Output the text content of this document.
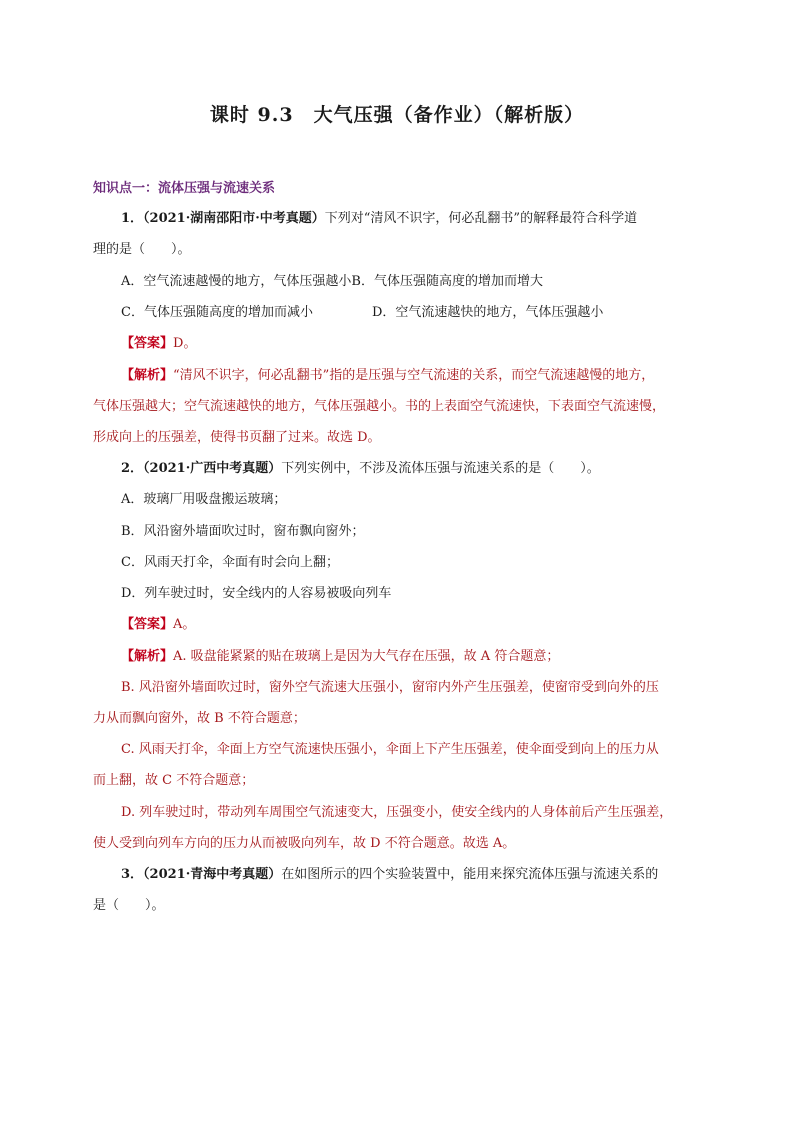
课时 9.3　大气压强（备作业）（解析版）
知识点一：流体压强与流速关系
1．（2021·湖南邵阳市·中考真题）下列对“清风不识字，何必乱翻书”的解释最符合科学道
理的是（　　）。
A．空气流速越慢的地方，气体压强越小B．气体压强随高度的增加而增大
C．气体压强随高度的增加而减小	D．空气流速越快的地方，气体压强越小
【答案】D。
【解析】“清风不识字，何必乱翻书”指的是压强与空气流速的关系，而空气流速越慢的地方，
气体压强越大；空气流速越快的地方，气体压强越小。书的上表面空气流速快，下表面空气流速慢，
形成向上的压强差，使得书页翻了过来。故选 D。
2．（2021·广西中考真题）下列实例中，不涉及流体压强与流速关系的是（　　）。
A．玻璃厂用吸盘搬运玻璃；
B．风沿窗外墙面吹过时，窗布飘向窗外；
C．风雨天打伞，伞面有时会向上翻；
D．列车驶过时，安全线内的人容易被吸向列车
【答案】A。
【解析】A. 吸盘能紧紧的贴在玻璃上是因为大气存在压强，故 A 符合题意；
B. 风沿窗外墙面吹过时，窗外空气流速大压强小，窗帘内外产生压强差，使窗帘受到向外的压
力从而飘向窗外，故 B 不符合题意；
C. 风雨天打伞，伞面上方空气流速快压强小，伞面上下产生压强差，使伞面受到向上的压力从
而上翻，故 C 不符合题意；
D. 列车驶过时，带动列车周围空气流速变大，压强变小，使安全线内的人身体前后产生压强差，
使人受到向列车方向的压力从而被吸向列车，故 D 不符合题意。故选 A。
3．（2021·青海中考真题）在如图所示的四个实验装置中，能用来探究流体压强与流速关系的
是（　　）。
